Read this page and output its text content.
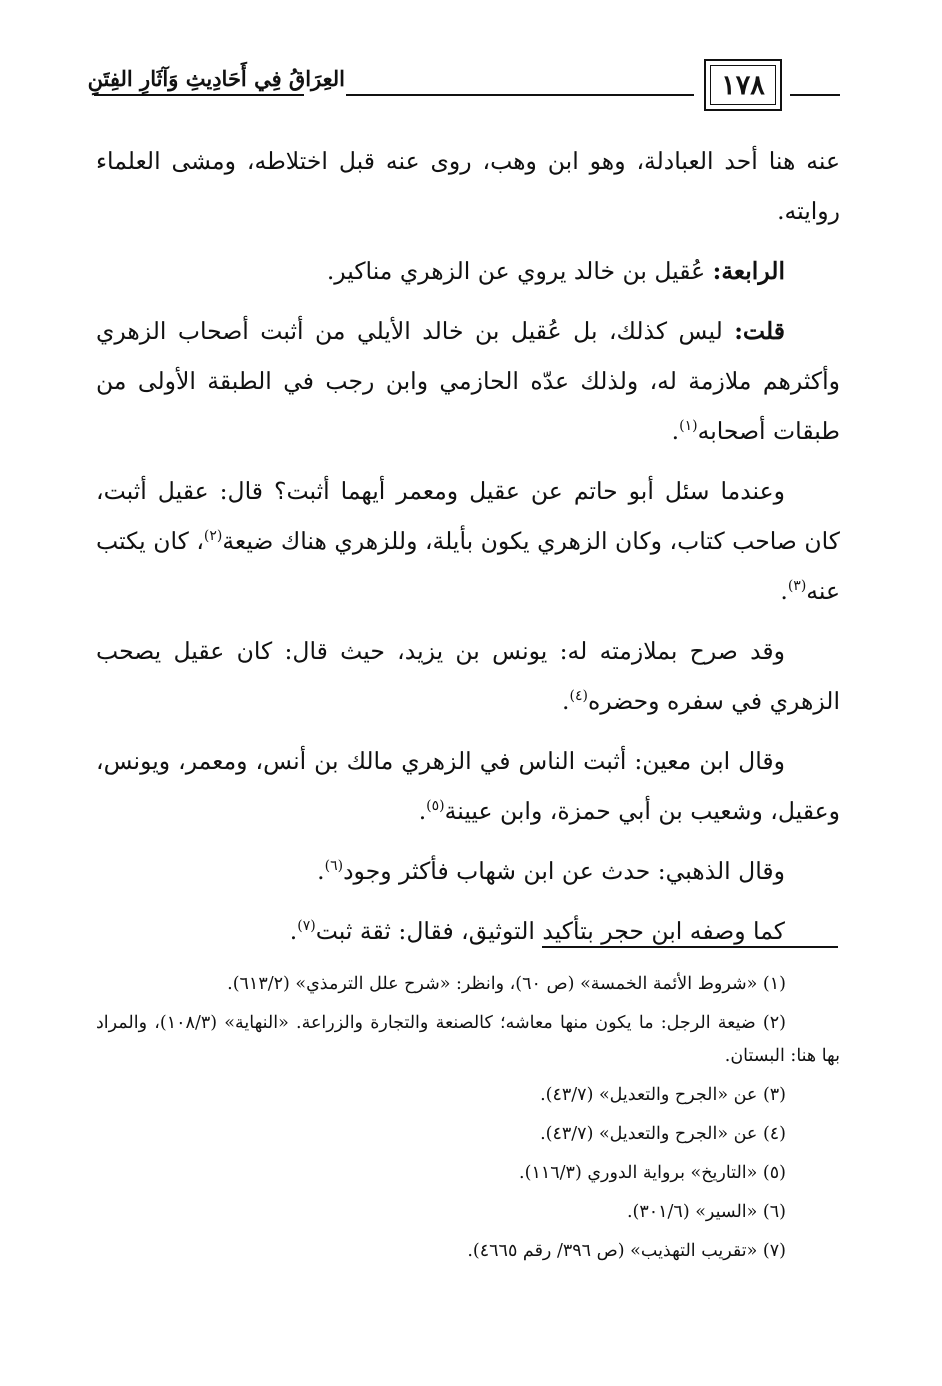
العِرَاقُ فِي أَحَادِيثِ وَآثَارِ الفِتَنِ	١٧٨

عنه هنا أحد العبادلة، وهو ابن وهب، روى عنه قبل اختلاطه، ومشى العلماء روايته.

الرابعة: عُقيل بن خالد يروي عن الزهري مناكير.

قلت: ليس كذلك، بل عُقيل بن خالد الأيلي من أثبت أصحاب الزهري وأكثرهم ملازمة له، ولذلك عدّه الحازمي وابن رجب في الطبقة الأولى من طبقات أصحابه$^{(١)}$.

وعندما سئل أبو حاتم عن عقيل ومعمر أيهما أثبت؟ قال: عقيل أثبت، كان صاحب كتاب، وكان الزهري يكون بأيلة، وللزهري هناك ضيعة$^{(٢)}$، كان يكتب عنه$^{(٣)}$.

وقد صرح بملازمته له: يونس بن يزيد، حيث قال: كان عقيل يصحب الزهري في سفره وحضره$^{(٤)}$.

وقال ابن معين: أثبت الناس في الزهري مالك بن أنس، ومعمر، ويونس، وعقيل، وشعيب بن أبي حمزة، وابن عيينة$^{(٥)}$.

وقال الذهبي: حدث عن ابن شهاب فأكثر وجود$^{(٦)}$.

كما وصفه ابن حجر بتأكيد التوثيق، فقال: ثقة ثبت$^{(٧)}$.

(١) «شروط الأئمة الخمسة» (ص ٦٠)، وانظر: «شرح علل الترمذي» (٦١٣/٢).
(٢) ضيعة الرجل: ما يكون منها معاشه؛ كالصنعة والتجارة والزراعة. «النهاية» (١٠٨/٣)، والمراد بها هنا: البستان.
(٣) عن «الجرح والتعديل» (٤٣/٧).
(٤) عن «الجرح والتعديل» (٤٣/٧).
(٥) «التاريخ» برواية الدوري (١١٦/٣).
(٦) «السير» (٣٠١/٦).
(٧) «تقريب التهذيب» (ص ٣٩٦/ رقم ٤٦٦٥).
